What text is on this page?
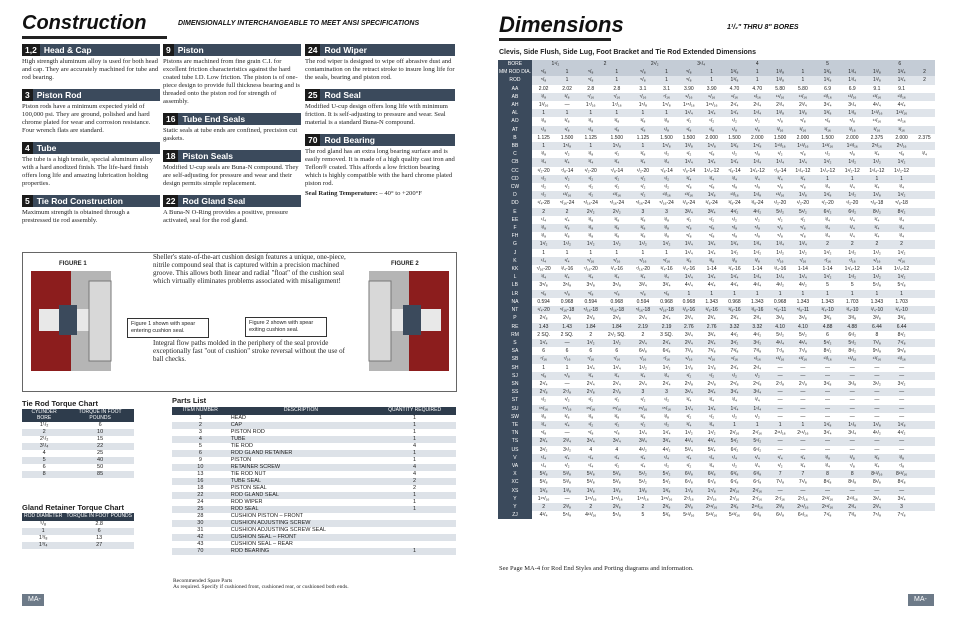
Construction	DIMENSIONALLY INTERCHANGEABLE TO MEET ANSI SPECIFICATIONS
1,2 Head & Cap
High strength aluminum alloy is used for both head and cap. They are accurately machined for tube and rod bearing.
3 Piston Rod
Piston rods have a minimum expected yield of 100,000 psi. They are ground, polished and hard chrome plated for wear and corrosion resistance. Four wrench flats are standard.
4 Tube
The tube is a high tensile, special aluminum alloy with a hard anodized finish. The life-hard finish offers long life and amazing lubrication holding properties.
5 Tie Rod Construction
Maximum strength is obtained through a prestressed tie rod assembly.
9 Piston
Pistons are machined from fine grain C.I. for excellent friction characteristics against the hard coated tube I.D. Low friction. The piston is of one-piece design to provide full thickness bearing and is threaded onto the piston rod for strength of assembly.
16 Tube End Seals
Static seals at tube ends are confined, precision cut gaskets.
18 Piston Seals
Modified U-cup seals are Buna-N compound. They are self-adjusting for pressure and wear and their design permits simple replacement.
22 Rod Gland Seal
A Buna-N O-Ring provides a positive, pressure activated, seal for the rod gland.
24 Rod Wiper
The rod wiper is designed to wipe off abrasive dust and contamination on the retract stroke to insure long life for the seals, bearing and piston rod.
25 Rod Seal
Modified U-cup design offers long life with minimum friction. It is self-adjusting to pressure and wear. Seal material is a standard Buna-N compound.
70 Rod Bearing
The rod gland has an extra long bearing surface and is easily removed. It is made of a high quality cast iron and Teflon® coated. This affords a low friction bearing which is highly compatible with the hard chrome plated piston rod.
Seal Rating Temperature: – 40° to +200°F
FIGURE 1
Figure 1 shown with spear entering cushion seal.
Sheller's state-of-the-art cushion design features a unique, one-piece, nitrile compound seal that is captured within a precision machined groove. This allows both linear and radial "float" of the cushion seal which virtually eliminates problems associated with misalignment!
Integral flow paths molded in the periphery of the seal provide exceptionally fast "out of cushion" stroke reversal without the use of ball checks.
Figure 2 shown with spear exiting cushion seal.
FIGURE 2
Tie Rod Torque Chart
CYLINDER BORE	TORQUE IN FOOT POUNDS
1¹/₂	6
2	10
2¹/₂	15
3¹/₄	22
4	25
5	40
6	50
8	85
Gland Retainer Torque Chart
ROD DIAMETER	TORQUE IN FOOT POUNDS
⁵/₈	2.8
1	6
1³/₈	13
1³/₄	27
Parts List
ITEM NUMBER	DESCRIPTION	QUANTITY REQUIRED
1	HEAD	1
2	CAP	1
3	PISTON ROD	1
4	TUBE	1
5	TIE ROD	4
6	ROD GLAND RETAINER	1
9	PISTON	1
10	RETAINER SCREW	4
13	TIE ROD NUT	4
16	TUBE SEAL	2
18	PISTON SEAL	2
22	ROD GLAND SEAL	1
24	ROD WIPER	1
25	ROD SEAL	1
28	CUSHION PISTON – FRONT	
30	CUSHION ADJUSTING SCREW	
31	CUSHION ADJUSTING SCREW SEAL	
42	CUSHION SEAL – FRONT	
43	CUSHION SEAL – REAR	
70	ROD BEARING	1
Recommended Spare Parts
As required. Specify if cushioned front, cushioned rear, or cushioned both ends.
MA-1
Dimensions	1¹/₂" THRU 8" BORES
Clevis, Side Flush, Side Lug, Foot Bracket and Tie Rod Extended Dimensions
BORE	1¹/₂		2		2¹/₂		3¹/₄		4			5			6		
MM ROD DIA.	⁵/₈	1	⁵/₈	1	⁵/₈	1	⁵/₈	1	1³/₈	1	1³/₈	1	1³/₈	1³/₄	1³/₈	1³/₄	2
ROD	⁵/₈	1	⁵/₈	1	⁵/₈	1	⁵/₈	1	1³/₈	1	1³/₈	1	1³/₈	1³/₄	1³/₈	1³/₄	2
AA	2.02	2.02	2.8	2.8	3.1	3.1	3.90	3.90	4.70	4.70	5.80	5.80	6.9	6.9	9.1	9.1	
AB	³/₈	³/₈	⁷/₁₆	⁷/₁₆	⁷/₁₆	⁷/₁₆	⁹/₁₆	⁹/₁₆	⁹/₁₆	⁹/₁₆	¹¹/₁₆	¹¹/₁₆	¹³/₁₆	¹³/₁₆	¹³/₁₆	¹³/₁₆	
AH	1³/₁₆	—	1⁷/₁₆	1⁷/₁₆	1⁵/₈	1⁵/₈	1¹⁵/₁₆	1¹⁵/₁₆	2¹/₄	2¹/₄	2³/₄	2³/₄	3¹/₄	3¹/₄	4¹/₄	4¹/₄	
AL	1	1	1	1	1	1	1¹/₄	1¹/₄	1¹/₄	1¹/₄	1³/₈	1³/₈	1³/₈	1³/₈	1¹³/₁₆	1¹³/₁₆	
AO	³/₈	³/₈	³/₈	³/₈	³/₈	³/₈	¹/₂	¹/₂	¹/₂	¹/₂	⁵/₈	⁵/₈	⁵/₈	⁵/₈	¹¹/₁₆	¹¹/₁₆	
AT	¹/₈	¹/₈	¹/₈	¹/₈	¹/₈	¹/₈	¹/₈	¹/₈	¹/₈	¹/₈	³/₁₆	³/₁₆	³/₁₆	³/₁₆	³/₁₆	³/₁₆	
B	1.125	1.500	1.125	1.500	1.125	1.500	1.500	2.000	1.500	2.000	1.500	2.000	1.500	2.000	2.375	2.000	2.375
BB	1	1⁵/₈	1	1⁵/₈	1	1⁵/₈	1³/₈	1⁵/₈	1³/₈	1⁵/₈	1¹³/₁₆	1¹³/₁₆	1¹³/₁₆	1¹³/₁₆	2⁵/₁₆	2⁵/₁₆	
C	³/₈	¹/₂	³/₈	¹/₂	³/₈	¹/₂	¹/₂	⁵/₈	¹/₂	⁵/₈	¹/₂	⁵/₈	¹/₂	⁵/₈	³/₄	⁵/₈	³/₄
CB	³/₄	³/₄	³/₄	³/₄	³/₄	³/₄	1¹/₄	1¹/₄	1¹/₄	1¹/₄	1¹/₄	1¹/₄	1¹/₂	1¹/₂	1¹/₂	1¹/₂	
CC	¹/₂-20	⁷/₈-14	¹/₂-20	⁷/₈-14	¹/₂-20	⁷/₈-14	⁷/₈-14	1¹/₄-12	⁷/₈-14	1¹/₄-12	⁷/₈-14	1¹/₄-12	1¹/₄-12	1¹/₂-12	1¹/₄-12	1¹/₂-12	
CD	¹/₂	¹/₂	¹/₂	¹/₂	¹/₂	¹/₂	³/₄	³/₄	³/₄	³/₄	³/₄	³/₄	1	1	1	1	
CW	¹/₂	¹/₂	¹/₂	¹/₂	¹/₂	¹/₂	⁵/₈	⁵/₈	⁵/₈	⁵/₈	⁵/₈	⁵/₈	³/₄	³/₄	³/₄	³/₄	
D	¹/₂	¹³/₁₆	¹/₂	¹³/₁₆	¹/₂	¹³/₁₆	¹³/₁₆	1¹/₈	¹³/₁₆	1¹/₈	¹³/₁₆	1¹/₈	1¹/₈	1¹/₂	1¹/₈	1¹/₂	
DD	¹/₄-28	⁵/₁₆-24	⁵/₁₆-24	⁵/₁₆-24	⁵/₁₆-24	⁵/₁₆-24	³/₈-24	³/₈-24	³/₈-24	³/₈-24	¹/₂-20	¹/₂-20	¹/₂-20	¹/₂-20	⁵/₈-18	⁵/₈-18	
E	2	2	2¹/₂	2¹/₂	3	3	3³/₄	3³/₄	4¹/₂	4¹/₂	5¹/₂	5¹/₂	6¹/₂	6¹/₂	8¹/₂	8¹/₂	
EE	¹/₄	¹/₄	³/₈	³/₈	³/₈	³/₈	¹/₂	¹/₂	¹/₂	¹/₂	¹/₂	¹/₂	³/₄	³/₄	³/₄	³/₄	
F	³/₈	³/₈	³/₈	³/₈	³/₈	³/₈	⁵/₈	⁵/₈	⁵/₈	⁵/₈	⁵/₈	⁵/₈	³/₄	³/₄	³/₄	³/₄	
FH	³/₈	³/₈	³/₈	³/₈	³/₈	³/₈	⁵/₈	⁵/₈	⁵/₈	⁵/₈	⁵/₈	⁵/₈	³/₄	³/₄	³/₄	³/₄	
G	1¹/₂	1¹/₂	1¹/₂	1¹/₂	1¹/₂	1¹/₂	1³/₄	1³/₄	1³/₄	1³/₄	1³/₄	1³/₄	2	2	2	2	
J	1	1	1	1	1	1	1¹/₄	1¹/₄	1¹/₂	1¹/₂	1¹/₂	1¹/₂	1¹/₂	1¹/₂	1¹/₂	1¹/₂	
K	¹/₄	¹/₄	⁵/₁₆	⁵/₁₆	⁵/₁₆	⁵/₁₆	³/₈	³/₈	³/₈	³/₈	⁷/₁₆	⁷/₁₆	⁷/₁₆	⁷/₁₆	⁹/₁₆	⁹/₁₆	
KK	⁷/₁₆-20	³/₄-16	⁷/₁₆-20	³/₄-16	⁷/₁₆-20	³/₄-16	³/₄-16	1-14	³/₄-16	1-14	³/₄-16	1-14	1-14	1¹/₄-12	1-14	1¹/₄-12	
L	³/₄	³/₄	³/₄	³/₄	³/₄	³/₄	1¹/₄	1¹/₄	1¹/₄	1¹/₄	1¹/₄	1¹/₄	1¹/₂	1¹/₂	1¹/₂	1¹/₂	
LB	3⁵/₈	3⁵/₈	3⁵/₈	3⁵/₈	3³/₄	3³/₄	4¹/₄	4¹/₄	4¹/₄	4¹/₄	4¹/₂	4¹/₂	5	5	5⁷/₈	5⁷/₈	
LR	⁵/₈	⁵/₈	⁵/₈	⁵/₈	⁵/₈	⁵/₈	1	1	1	1	1	1	1	1	1	1	
NA	0.594	0.968	0.594	0.968	0.594	0.968	0.968	1.343	0.968	1.343	0.968	1.343	1.343	1.703	1.343	1.703	
NT	¹/₄-20	⁵/₁₆-18	⁵/₁₆-18	⁵/₁₆-18	⁵/₁₆-18	⁵/₁₆-18	³/₈-16	³/₈-16	³/₈-16	³/₈-16	⁵/₈-11	⁵/₈-11	³/₄-10	³/₄-10	³/₄-10	³/₄-10	
P	2¹/₈	2¹/₈	2¹/₈	2¹/₈	2¹/₄	2¹/₄	2³/₄	2³/₄	2³/₄	2³/₄	3¹/₈	3¹/₈	3³/₈	3³/₈	3³/₈	3³/₈	
RE	1.43	1.43	1.84	1.84	2.19	2.19	2.76	2.76	3.32	3.32	4.10	4.10	4.88	4.88	6.44	6.44	
RM	2 SQ.	2 SQ.	2	2¹/₂ SQ.	2	3 SQ.	3³/₄	3³/₄	4¹/₂	4¹/₂	5¹/₂	5¹/₂	6	6¹/₂	8	8¹/₂	
S	1¹/₄	—	1¹/₂	1¹/₂	2¹/₄	2¹/₄	2³/₄	2³/₄	3¹/₂	3¹/₂	4¹/₄	4¹/₄	5¹/₂	5¹/₂	7¹/₈	7¹/₈	
SA	6	6	6	6	6¹/₈	6¹/₈	7³/₈	7³/₈	7³/₈	7³/₈	7⁷/₈	7⁷/₈	8¹/₂	8¹/₂	9⁵/₈	9⁵/₈	
SB	⁷/₁₆	⁷/₁₆	⁷/₁₆	⁷/₁₆	⁷/₁₆	⁷/₁₆	⁹/₁₆	⁹/₁₆	⁹/₁₆	⁹/₁₆	¹³/₁₆	¹³/₁₆	¹³/₁₆	¹³/₁₆	¹³/₁₆	¹³/₁₆	
SH	1	1	1¹/₄	1¹/₄	1¹/₂	1¹/₂	1⁷/₈	1⁷/₈	2¹/₄	2¹/₄	—	—	—	—	—	—	
SJ	⁵/₈	⁵/₈	³/₄	³/₄	³/₄	³/₄	¹/₂	¹/₂	¹/₂	¹/₂	—	—	—	—	—	—	
SN	2¹/₄	—	2¹/₄	2¹/₄	2¹/₄	2¹/₄	2⁵/₈	2⁵/₈	2⁵/₈	2⁵/₈	2⁷/₈	2⁷/₈	3¹/₈	3¹/₈	3¹/₂	3¹/₂	
SS	2⁷/₈	2⁷/₈	2⁷/₈	2⁷/₈	3	3	3¹/₄	3¹/₄	3¹/₄	3¹/₄	—	—	—	—	—	—	
ST	¹/₂	¹/₂	¹/₂	¹/₂	¹/₂	¹/₂	³/₄	³/₄	³/₄	³/₄	—	—	—	—	—	—	
SU	¹⁵/₁₆	¹⁵/₁₆	¹⁵/₁₆	¹⁵/₁₆	¹⁵/₁₆	¹⁵/₁₆	1¹/₄	1¹/₄	1¹/₄	1¹/₄	—	—	—	—	—	—	
SW	³/₈	³/₈	³/₈	³/₈	³/₈	³/₈	¹/₂	¹/₂	¹/₂	¹/₂	—	—	—	—	—	—	
TE	³/₄	¹/₄	¹/₂	¹/₂	¹/₂	¹/₂	³/₄	³/₄	1	1	1	1	1¹/₈	1¹/₈	1¹/₈	1¹/₈	
TN	⁵/₈	—	⁵/₈	⁵/₈	1¹/₄	1¹/₄	1¹/₂	1¹/₂	2¹/₁₆	2¹/₁₆	2¹¹/₁₆	2¹¹/₁₆	3¹/₄	3¹/₄	4¹/₂	4¹/₂	
TS	2³/₄	2³/₄	3¹/₄	3¹/₄	3³/₄	3³/₄	4³/₄	4³/₄	5¹/₂	5¹/₂	—	—	—	—	—	—	
US	3¹/₂	3¹/₂	4	4	4¹/₂	4¹/₂	5³/₄	5³/₄	6¹/₂	6¹/₂	—	—	—	—	—	—	
V	¹/₄	¹/₄	¹/₄	¹/₄	¹/₄	¹/₄	¹/₄	¹/₄	¹/₄	¹/₄	¹/₄	¹/₄	³/₈	³/₈	³/₈	³/₈	
VA	¹/₄	¹/₂	¹/₄	¹/₂	¹/₄	¹/₂	¹/₂	³/₄	¹/₂	³/₄	¹/₂	³/₄	³/₄	⁷/₈	³/₄	⁷/₈	
X	5³/₈	5³/₈	5³/₈	5³/₈	5¹/₂	5¹/₂	6³/₈	6³/₈	6³/₈	6³/₈	7	7	8	8	8¹³/₁₆	8¹³/₁₆	
XC	5³/₈	5³/₈	5³/₈	5³/₈	5¹/₂	5¹/₂	6⁷/₈	6⁷/₈	6⁷/₈	6⁷/₈	7¹/₈	7¹/₈	8¹/₈	8¹/₈	8¹/₈	8¹/₈	
XS	1³/₈	1³/₈	1³/₈	1³/₈	1³/₈	1³/₈	1⁷/₈	1⁷/₈	2¹/₁₆	2¹/₁₆	—	—	—	—	—	—	
Y	1¹⁵/₁₆	—	1¹⁵/₁₆	1¹⁵/₁₆	1¹⁵/₁₆	1¹⁵/₁₆	2⁷/₁₆	2⁷/₁₆	2⁷/₁₆	2⁷/₁₆	2⁷/₁₆	2⁷/₁₆	2¹³/₁₆	2¹³/₁₆	3¹/₄	3¹/₄	
Y	2	2³/₈	2	2³/₈	2	2³/₈	2³/₈	2¹¹/₁₆	2³/₈	2¹¹/₁₆	2³/₈	2¹¹/₁₆	2¹¹/₁₆	2³/₄	2³/₄	3	
ZJ	4³/₄	5⁵/₈	4¹³/₁₆	5⁵/₈	5	5³/₈	5¹³/₁₆	5¹³/₁₆	5¹³/₁₆	6¹/₈	6¹/₈	6⁹/₁₆	7¹/₈	7³/₈	7⁵/₈	7⁷/₈	
See Page MA-4 for Rod End Styles and Porting diagrams and information.
MA-6
